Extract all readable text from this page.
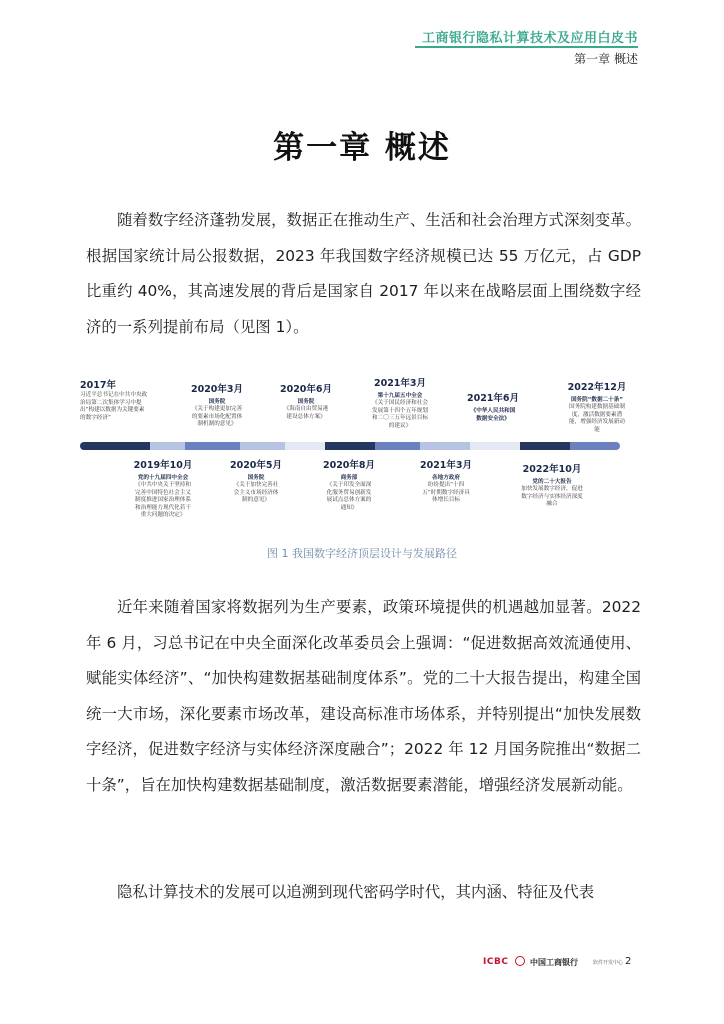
工商银行隐私计算技术及应用白皮书
第一章 概述
第一章 概述

随着数字经济蓬勃发展，数据正在推动生产、生活和社会治理方式深刻变革。根据国家统计局公报数据，2023 年我国数字经济规模已达 55 万亿元，占 GDP 比重约 40%，其高速发展的背后是国家自 2017 年以来在战略层面上围绕数字经济的一系列提前布局（见图 1）。

2017年
习近平总书记在中共中央政治局第二次集体学习中提出“构建以数据为关键要素的数字经济”
2020年3月
国务院
《关于构建更加完善的要素市场化配置体制机制的意见》
2020年6月
国务院
《海南自由贸易港建设总体方案》
2021年3月
第十九届五中全会
《关于国民经济和社会发展第十四个五年规划和二〇三五年远景目标的建议》
2021年6月
《中华人民共和国数据安全法》
2022年12月
国务院“数据二十条”
国务院构建数据基础制度，激活数据要素潜能，增强经济发展新动能
2019年10月
党的十九届四中全会
《中共中央关于坚持和完善中国特色社会主义制度推进国家治理体系和治理能力现代化若干重大问题的决定》
2020年5月
国务院
《关于加快完善社会主义市场经济体制的意见》
2020年8月
商务部
《关于印发全面深化服务贸易创新发展试点总体方案的通知》
2021年3月
各地方政府
纷纷提出“十四五”时期数字经济具体增长目标
2022年10月
党的二十大报告
加快发展数字经济，促进数字经济与实体经济深度融合
图 1 我国数字经济顶层设计与发展路径

近年来随着国家将数据列为生产要素，政策环境提供的机遇越加显著。2022 年 6 月，习总书记在中央全面深化改革委员会上强调：“促进数据高效流通使用、赋能实体经济”、“加快构建数据基础制度体系”。党的二十大报告提出，构建全国统一大市场，深化要素市场改革，建设高标准市场体系，并特别提出“加快发展数字经济，促进数字经济与实体经济深度融合”；2022 年 12 月国务院推出“数据二十条”，旨在加快构建数据基础制度，激活数据要素潜能，增强经济发展新动能。

隐私计算技术的发展可以追溯到现代密码学时代，其内涵、特征及代表

ICBC	中国工商银行	软件开发中心 2
